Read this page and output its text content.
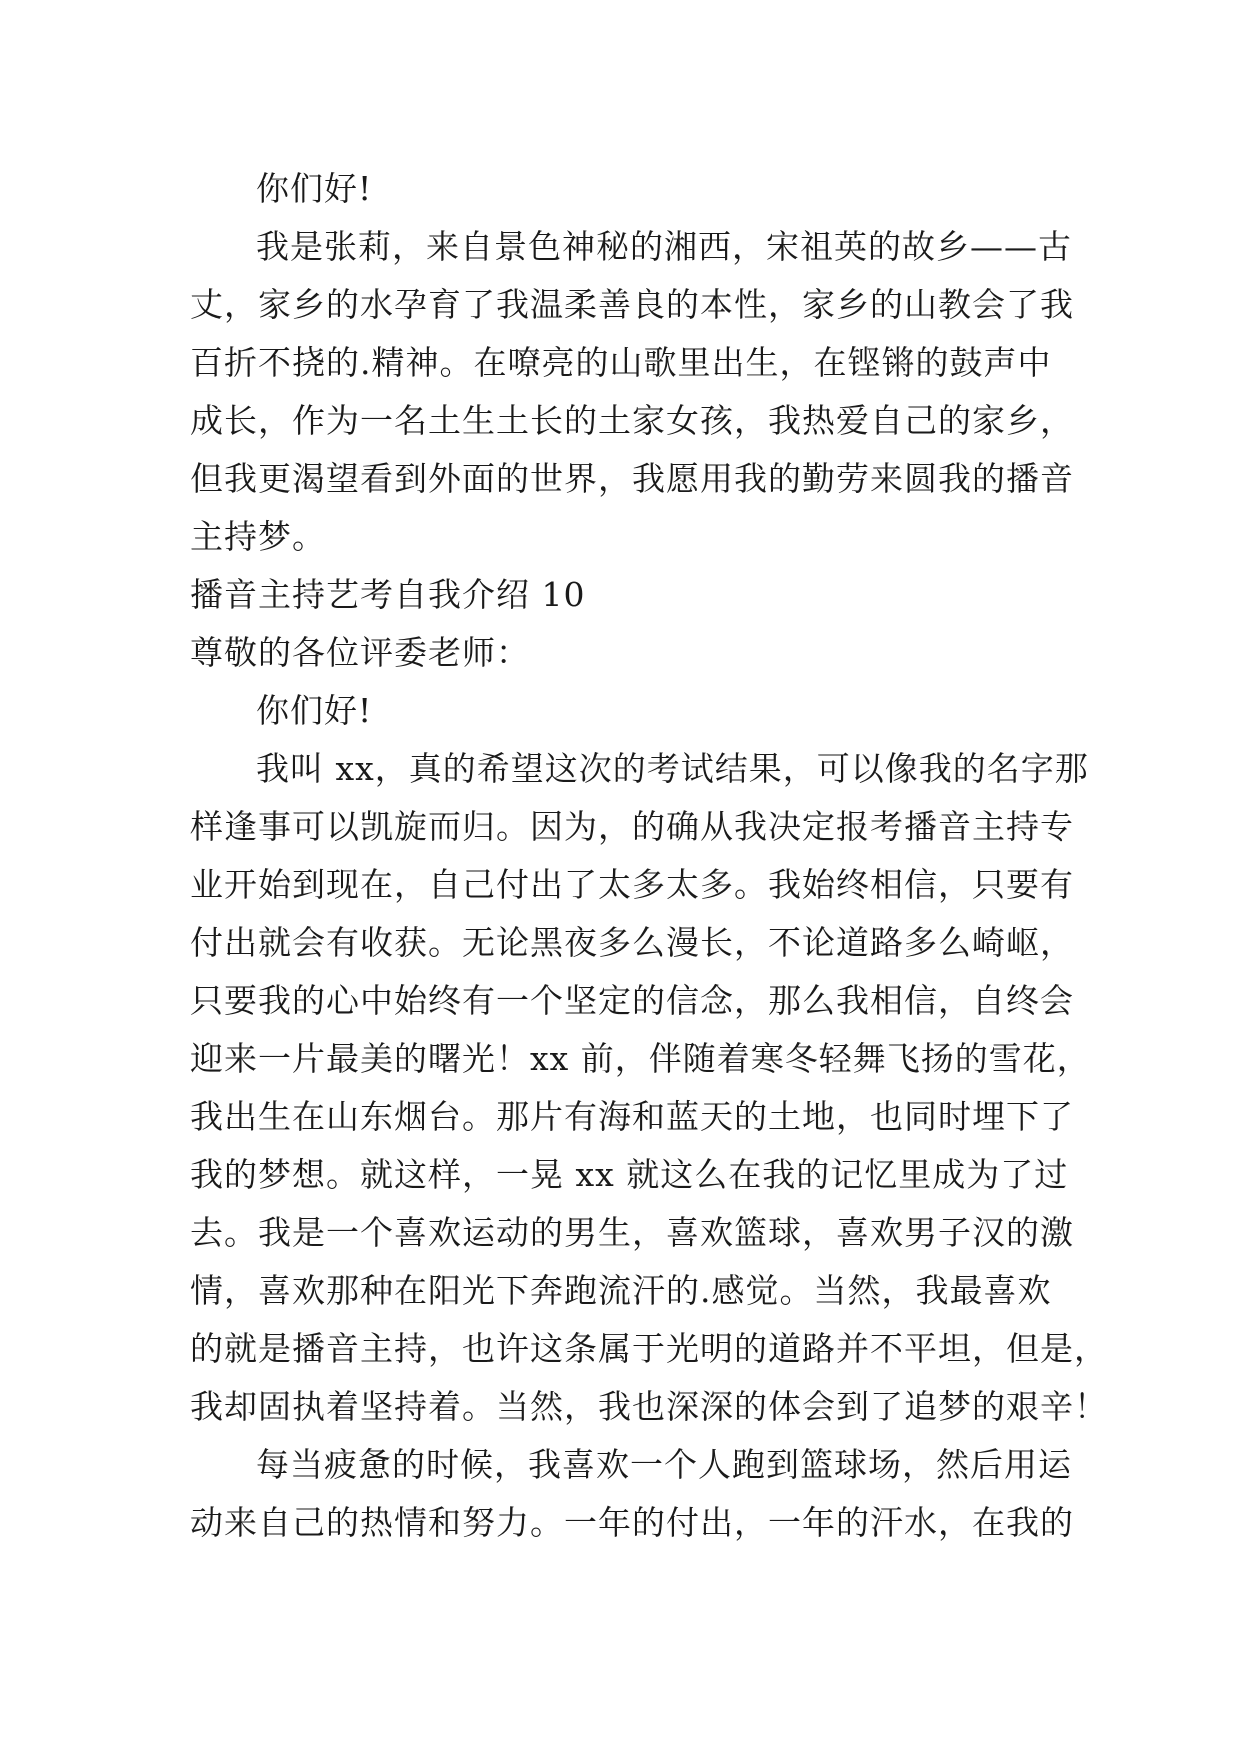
你们好!
我是张莉，来自景色神秘的湘西，宋祖英的故乡——古
丈，家乡的水孕育了我温柔善良的本性，家乡的山教会了我
百折不挠的.精神。在嘹亮的山歌里出生，在铿锵的鼓声中
成长，作为一名土生土长的土家女孩，我热爱自己的家乡，
但我更渴望看到外面的世界，我愿用我的勤劳来圆我的播音
主持梦。
播音主持艺考自我介绍 10
尊敬的各位评委老师：
你们好!
我叫 xx，真的希望这次的考试结果，可以像我的名字那
样逢事可以凯旋而归。因为，的确从我决定报考播音主持专
业开始到现在，自己付出了太多太多。我始终相信，只要有
付出就会有收获。无论黑夜多么漫长，不论道路多么崎岖，
只要我的心中始终有一个坚定的信念，那么我相信，自终会
迎来一片最美的曙光！xx 前，伴随着寒冬轻舞飞扬的雪花，
我出生在山东烟台。那片有海和蓝天的土地，也同时埋下了
我的梦想。就这样，一晃 xx 就这么在我的记忆里成为了过
去。我是一个喜欢运动的男生，喜欢篮球，喜欢男子汉的激
情，喜欢那种在阳光下奔跑流汗的.感觉。当然，我最喜欢
的就是播音主持，也许这条属于光明的道路并不平坦，但是，
我却固执着坚持着。当然，我也深深的体会到了追梦的艰辛！
每当疲惫的时候，我喜欢一个人跑到篮球场，然后用运
动来自己的热情和努力。一年的付出，一年的汗水，在我的
